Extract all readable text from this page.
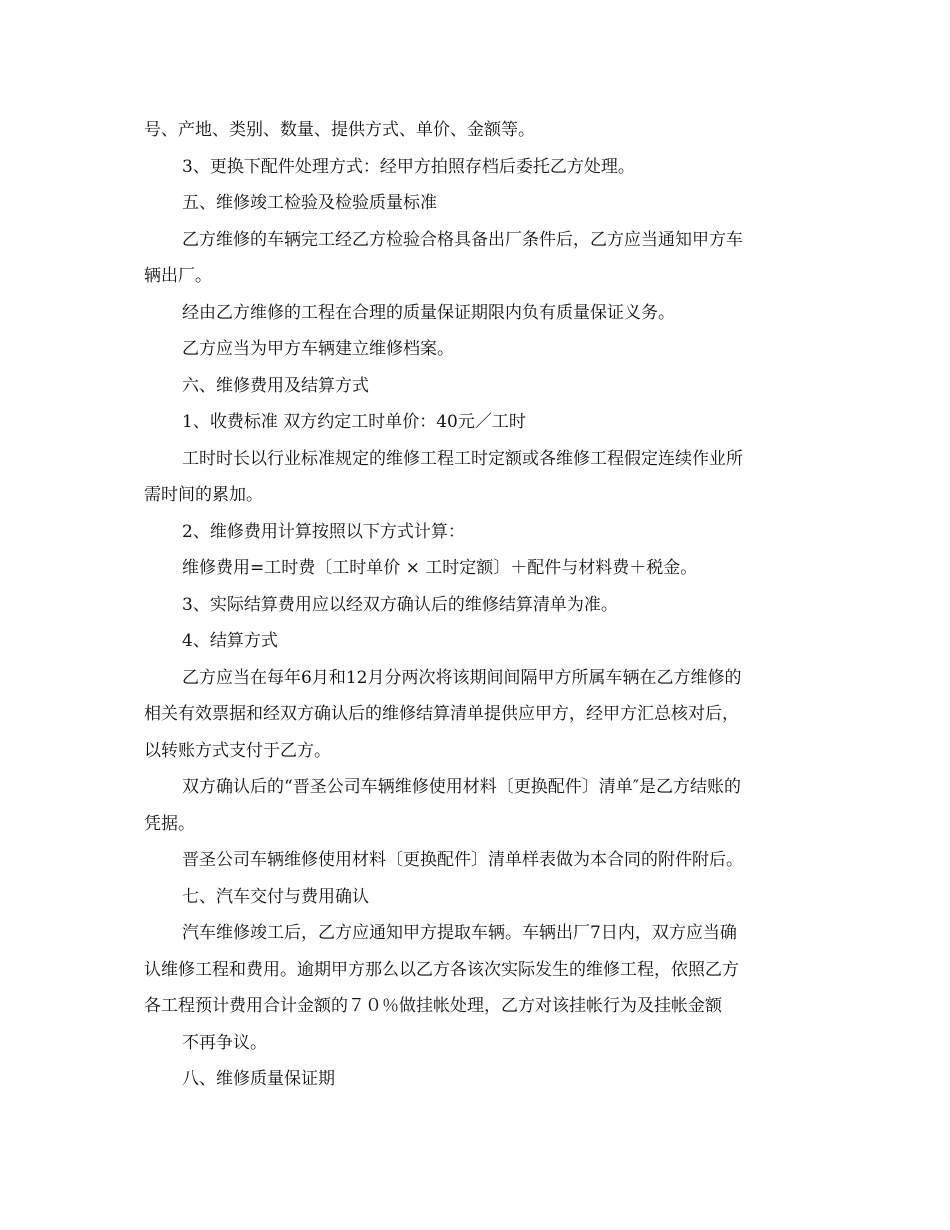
号、产地、类别、数量、提供方式、单价、金额等。
3、更换下配件处理方式：经甲方拍照存档后委托乙方处理。
五、维修竣工检验及检验质量标准
乙方维修的车辆完工经乙方检验合格具备出厂条件后，乙方应当通知甲方车
辆出厂。
经由乙方维修的工程在合理的质量保证期限内负有质量保证义务。
乙方应当为甲方车辆建立维修档案。
六、维修费用及结算方式
1、收费标准 双方约定工时单价：40元／工时
工时时长以行业标准规定的维修工程工时定额或各维修工程假定连续作业所
需时间的累加。
2、维修费用计算按照以下方式计算：
维修费用=工时费〔工时单价 × 工时定额〕＋配件与材料费＋税金。
3、实际结算费用应以经双方确认后的维修结算清单为准。
4、结算方式
乙方应当在每年6月和12月分两次将该期间间隔甲方所属车辆在乙方维修的
相关有效票据和经双方确认后的维修结算清单提供应甲方，经甲方汇总核对后，
以转账方式支付于乙方。
双方确认后的“晋圣公司车辆维修使用材料〔更换配件〕清单″是乙方结账的
凭据。
晋圣公司车辆维修使用材料〔更换配件〕清单样表做为本合同的附件附后。
七、汽车交付与费用确认
汽车维修竣工后，乙方应通知甲方提取车辆。车辆出厂7日内，双方应当确
认维修工程和费用。逾期甲方那么以乙方各该次实际发生的维修工程，依照乙方
各工程预计费用合计金额的７０％做挂帐处理，乙方对该挂帐行为及挂帐金额
不再争议。
八、维修质量保证期
